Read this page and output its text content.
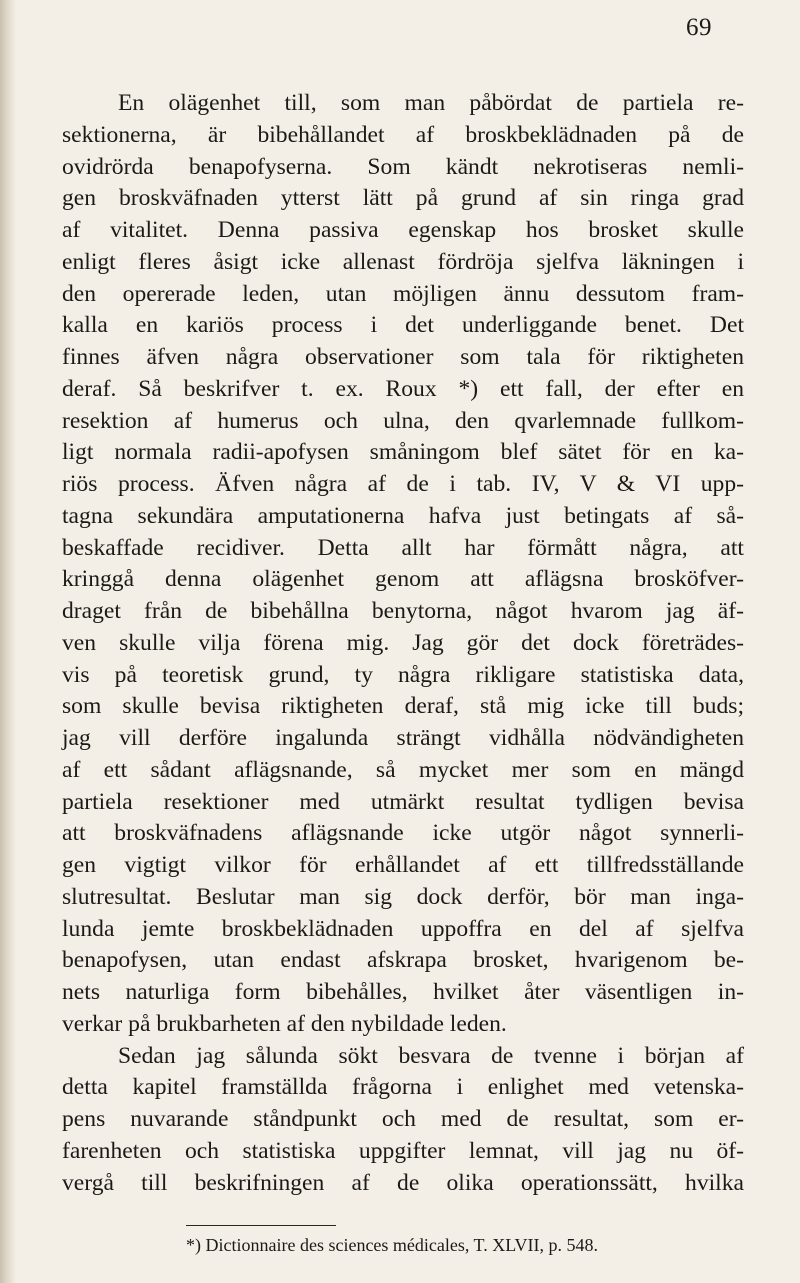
69
En olägenhet till, som man påbördat de partiela re-
sektionerna, är bibehållandet af broskbeklädnaden på de
ovidrörda benapofyserna. Som kändt nekrotiseras nemli-
gen broskväfnaden ytterst lätt på grund af sin ringa grad
af vitalitet. Denna passiva egenskap hos brosket skulle
enligt fleres åsigt icke allenast fördröja sjelfva läkningen i
den opererade leden, utan möjligen ännu dessutom fram-
kalla en kariös process i det underliggande benet. Det
finnes äfven några observationer som tala för riktigheten
deraf. Så beskrifver t. ex. Roux *) ett fall, der efter en
resektion af humerus och ulna, den qvarlemnade fullkom-
ligt normala radii-apofysen småningom blef sätet för en ka-
riös process. Äfven några af de i tab. IV, V & VI upp-
tagna sekundära amputationerna hafva just betingats af så-
beskaffade recidiver. Detta allt har förmått några, att
kringgå denna olägenhet genom att aflägsna brosköfver-
draget från de bibehållna benytorna, något hvarom jag äf-
ven skulle vilja förena mig. Jag gör det dock företrädes-
vis på teoretisk grund, ty några rikligare statistiska data,
som skulle bevisa riktigheten deraf, stå mig icke till buds;
jag vill derföre ingalunda strängt vidhålla nödvändigheten
af ett sådant aflägsnande, så mycket mer som en mängd
partiela resektioner med utmärkt resultat tydligen bevisa
att broskväfnadens aflägsnande icke utgör något synnerli-
gen vigtigt vilkor för erhållandet af ett tillfredsställande
slutresultat. Beslutar man sig dock derför, bör man inga-
lunda jemte broskbeklädnaden uppoffra en del af sjelfva
benapofysen, utan endast afskrapa brosket, hvarigenom be-
nets naturliga form bibehålles, hvilket åter väsentligen in-
verkar på brukbarheten af den nybildade leden.
Sedan jag sålunda sökt besvara de tvenne i början af
detta kapitel framställda frågorna i enlighet med vetenska-
pens nuvarande ståndpunkt och med de resultat, som er-
farenheten och statistiska uppgifter lemnat, vill jag nu öf-
vergå till beskrifningen af de olika operationssätt, hvilka
*) Dictionnaire des sciences médicales, T. XLVII, p. 548.
